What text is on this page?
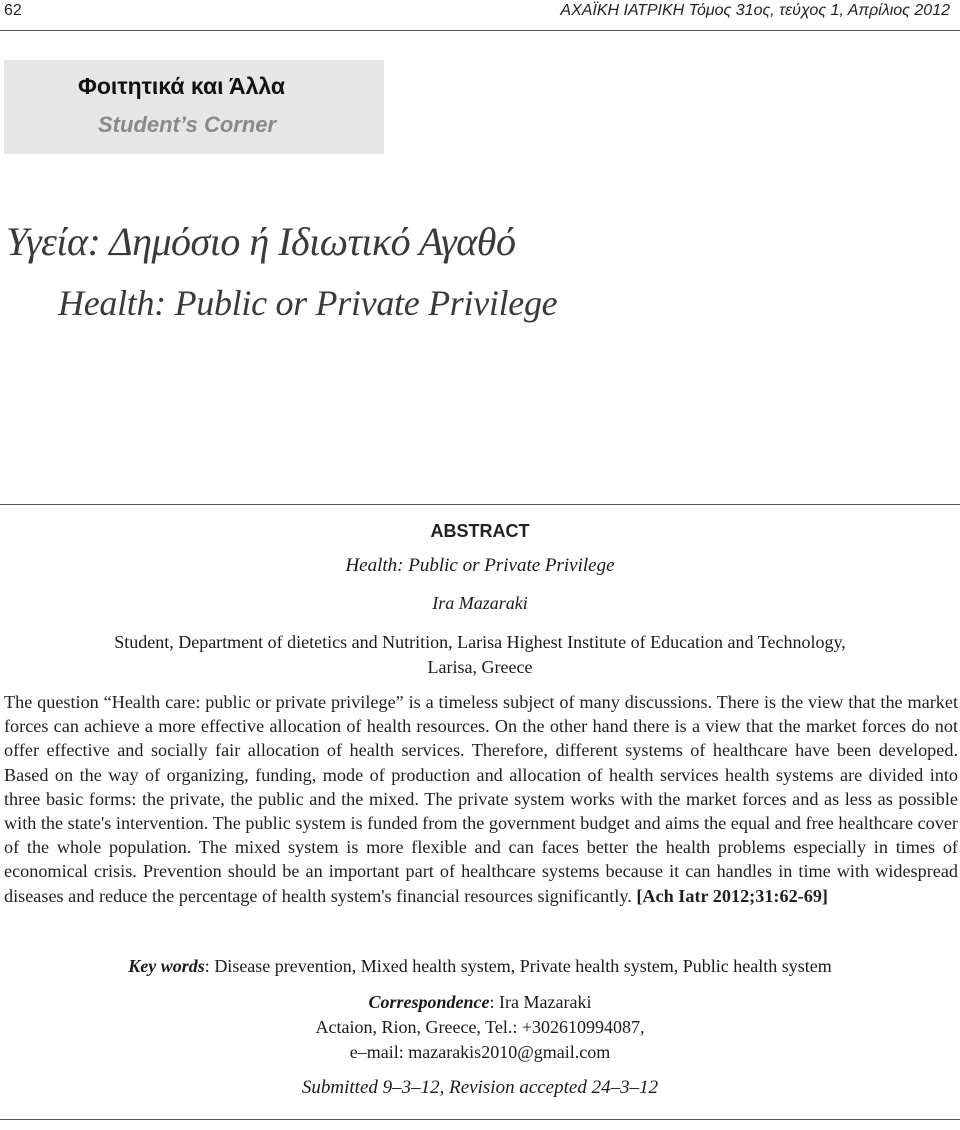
62	ΑΧΑΪΚΗ ΙΑΤΡΙΚΗ Τόμος 31ος, τεύχος 1, Απρίλιος 2012
Φοιτητικά και Άλλα
Student’s Corner
Υγεία: Δημόσιο ή Ιδιωτικό Αγαθό
Health: Public or Private Privilege
ABSTRACT
Health: Public or Private Privilege
Ira Mazaraki
Student, Department of dietetics and Nutrition, Larisa Highest Institute of Education and Technology,
Larisa, Greece
The question “Health care: public or private privilege” is a timeless subject of many discussions. There is the view that the market forces can achieve a more effective allocation of health resources. On the other hand there is a view that the market forces do not offer effective and socially fair allocation of health services. Therefore, different systems of healthcare have been developed. Based on the way of organizing, funding, mode of production and allocation of health services health systems are divided into three basic forms: the private, the public and the mixed. The private system works with the market forces and as less as possible with the state's intervention. The public system is funded from the government budget and aims the equal and free healthcare cover of the whole population. The mixed system is more flexible and can faces better the health problems especially in times of economical crisis. Prevention should be an important part of healthcare systems because it can handles in time with widespread diseases and reduce the percentage of health system's financial resources significantly. [Ach Iatr 2012;31:62-69]
Key words: Disease prevention, Mixed health system, Private health system, Public health system
Correspondence: Ira Mazaraki
Actaion, Rion, Greece, Tel.: +302610994087,
e–mail: mazarakis2010@gmail.com
Submitted 9–3–12, Revision accepted 24–3–12
